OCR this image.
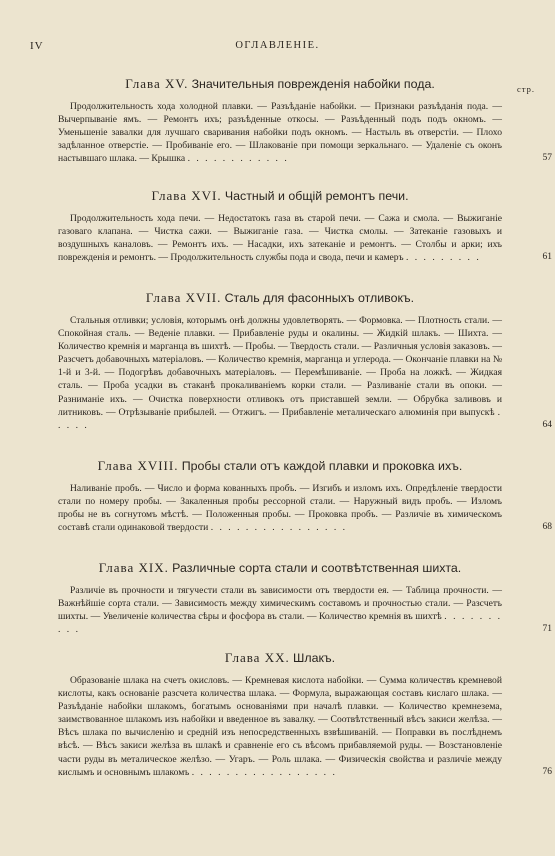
IV	ОГЛАВЛЕНІЕ.
стр.
Глава XV. Значительныя поврежденія набойки пода.
Продолжительность хода холодной плавки. — Разъѣданіе набойки. — Признаки разъѣданія пода. — Вычерпываніе ямъ. — Ремонтъ ихъ; разъѣденные откосы. — Разъѣденный подъ подъ окномъ. — Уменьшеніе завалки для лучшаго сваривания набойки подъ окномъ. — Настыль въ отверстіи. — Плохо задѣланное отверстіе. — Пробиваніе его. — Шлакованіе при помощи зеркальнаго. — Удаленіе съ оконъ настывшаго шлака. — Крышка . . . . . . . . . . . .	57
Глава XVI. Частный и общій ремонтъ печи.
Продолжительность хода печи. — Недостатокъ газа въ старой печи. — Сажа и смола. — Выжиганіе газоваго клапана. — Чистка сажи. — Выжиганіе газа. — Чистка смолы. — Затеканіе газовыхъ и воздушныхъ каналовъ. — Ремонтъ ихъ. — Насадки, ихъ затеканіе и ремонтъ. — Столбы и арки; ихъ поврежденія и ремонтъ. — Продолжительность службы пода и свода, печи и камеръ . . . . . . . . .	61
Глава XVII. Сталь для фасонныхъ отливокъ.
Стальныя отливки; условія, которымъ онѣ должны удовлетворять. — Формовка. — Плотность стали. — Спокойная сталь. — Веденіе плавки. — Прибавленіе руды и окалины. — Жидкій шлакъ. — Шихта. — Количество кремнія и марганца въ шихтѣ. — Пробы. — Твердость стали. — Различныя условія заказовъ. — Разсчетъ добавочныхъ матеріаловъ. — Количество кремнія, марганца и углерода. — Окончаніе плавки на № 1-й и 3-й. — Подогрѣвъ добавочныхъ матеріаловъ. — Перемѣшиваніе. — Проба на ложкѣ. — Жидкая сталь. — Проба усадки въ стаканѣ прокаливаніемъ корки стали. — Разливаніе стали въ опоки. — Разниманіе ихъ. — Очистка поверхности отливокъ отъ приставшей земли. — Обрубка заливовъ и литниковъ. — Отрѣзываніе прибылей. — Отжигъ. — Прибавленіе металическаго алюминія при выпускѣ . . . . .	64
Глава XVIII. Пробы стали отъ каждой плавки и проковка ихъ.
Наливаніе пробъ. — Число и форма кованныхъ пробъ. — Изгибъ и изломъ ихъ. Опредѣленіе твердости стали по номеру пробы. — Закаленныя пробы рессорной стали. — Наружный видъ пробъ. — Изломъ пробы не въ согнутомъ мѣстѣ. — Положенныя пробы. — Проковка пробъ. — Различіе въ химическомъ составѣ стали одинаковой твердости . . . . . . . . . . . . . . . .	68
Глава XIX. Различные сорта стали и соотвѣтственная шихта.
Различіе въ прочности и тягучести стали въ зависимости отъ твердости ея. — Таблица прочности. — Важнѣйшіе сорта стали. — Зависимость между химическимъ составомъ и прочностью стали. — Разсчетъ шихты. — Увеличеніе количества сѣры и фосфора въ стали. — Количество кремнія въ шихтѣ . . . . . . . . . .	71
Глава XX. Шлакъ.
Образованіе шлака на счетъ окисловъ. — Кремневая кислота набойки. — Сумма количествъ кремневой кислоты, какъ основаніе разсчета количества шлака. — Формула, выражающая составъ кислаго шлака. — Разъѣданіе набойки шлакомъ, богатымъ основаніями при началѣ плавки. — Количество кремнезема, заимствованное шлакомъ изъ набойки и введенное въ завалку. — Соотвѣтственный вѣсъ закиси желѣза. — Вѣсъ шлака по вычисленію и средній изъ непосредственныхъ взвѣшиваній. — Поправки въ послѣднемъ вѣсѣ. — Вѣсъ закиси желѣза въ шлакѣ и сравненіе его съ вѣсомъ прибавляемой руды. — Возстановленіе части руды въ металическое желѣзо. — Угаръ. — Роль шлака. — Физическія свойства и различіе между кислымъ и основнымъ шлакомъ . . . . . . . . . . . . . . . . .	76
